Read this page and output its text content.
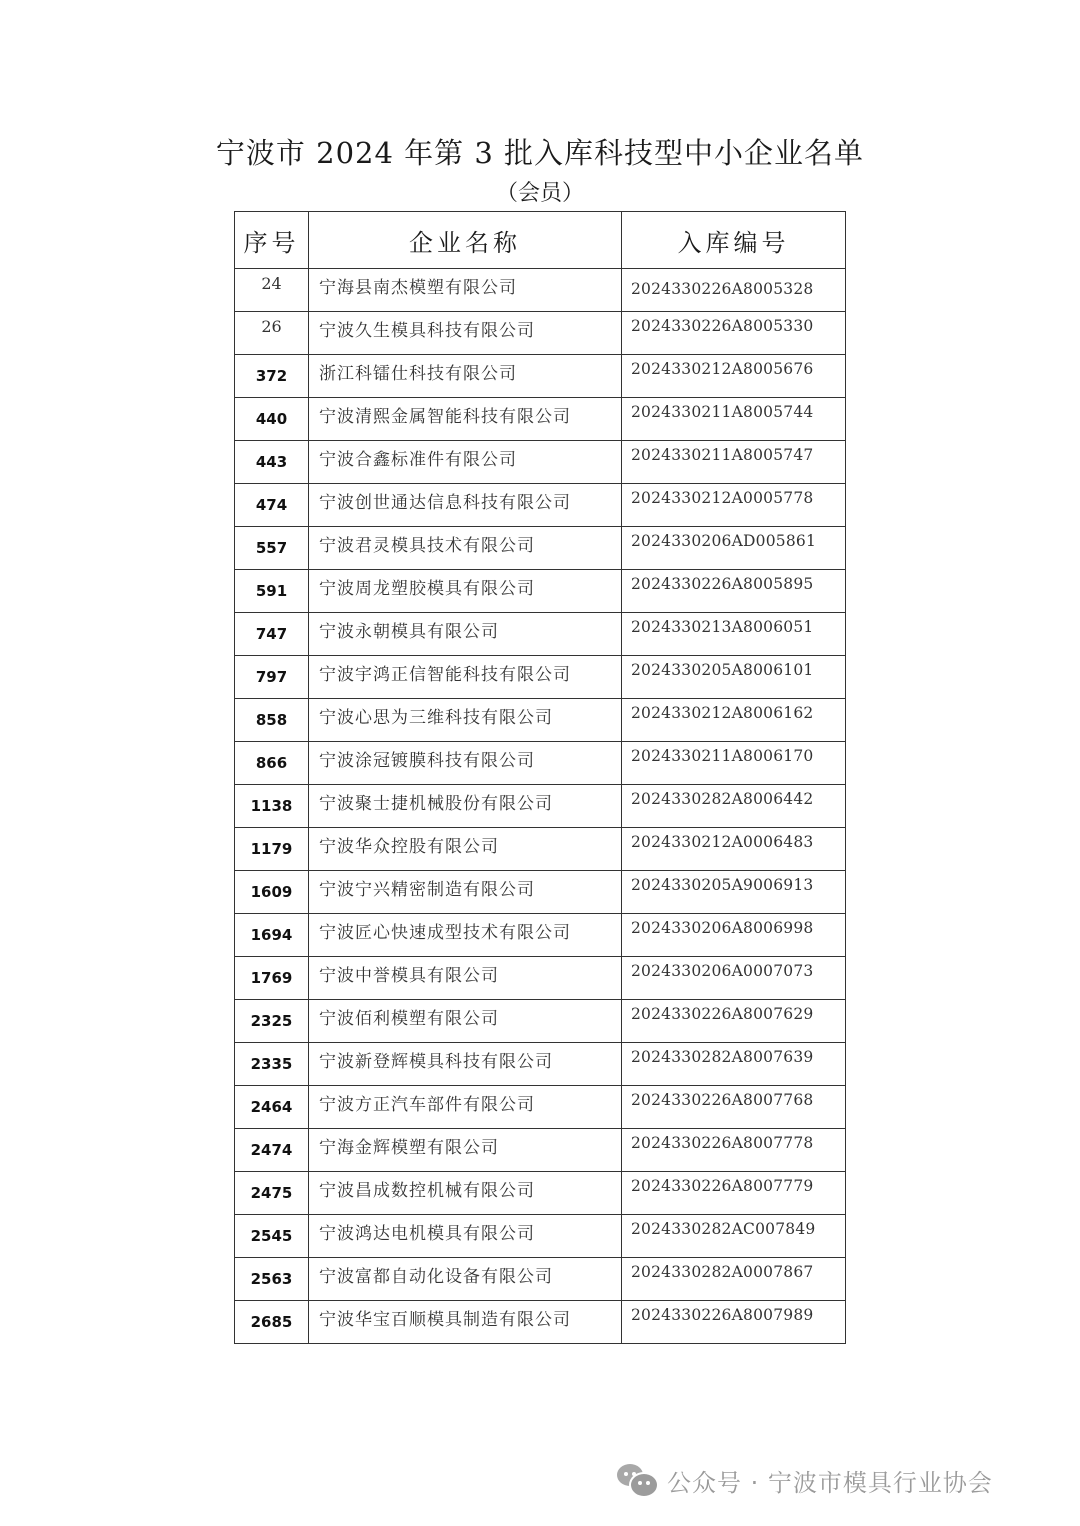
宁波市 2024 年第 3 批入库科技型中小企业名单
（会员）
序号	企业名称	入库编号

24	宁海县南杰模塑有限公司	2024330226A8005328

26	宁波久生模具科技有限公司	2024330226A8005330

372	浙江科镭仕科技有限公司	2024330212A8005676

440	宁波清熙金属智能科技有限公司	2024330211A8005744

443	宁波合鑫标准件有限公司	2024330211A8005747

474	宁波创世通达信息科技有限公司	2024330212A0005778

557	宁波君灵模具技术有限公司	2024330206AD005861

591	宁波周龙塑胶模具有限公司	2024330226A8005895

747	宁波永朝模具有限公司	2024330213A8006051

797	宁波宇鸿正信智能科技有限公司	2024330205A8006101

858	宁波心思为三维科技有限公司	2024330212A8006162

866	宁波涂冠镀膜科技有限公司	2024330211A8006170

1138	宁波聚士捷机械股份有限公司	2024330282A8006442

1179	宁波华众控股有限公司	2024330212A0006483

1609	宁波宁兴精密制造有限公司	2024330205A9006913

1694	宁波匠心快速成型技术有限公司	2024330206A8006998

1769	宁波中誉模具有限公司	2024330206A0007073

2325	宁波佰利模塑有限公司	2024330226A8007629

2335	宁波新登辉模具科技有限公司	2024330282A8007639

2464	宁波方正汽车部件有限公司	2024330226A8007768

2474	宁海金辉模塑有限公司	2024330226A8007778

2475	宁波昌成数控机械有限公司	2024330226A8007779

2545	宁波鸿达电机模具有限公司	2024330282AC007849

2563	宁波富都自动化设备有限公司	2024330282A0007867

2685	宁波华宝百顺模具制造有限公司	2024330226A8007989
公众号 · 宁波市模具行业协会
